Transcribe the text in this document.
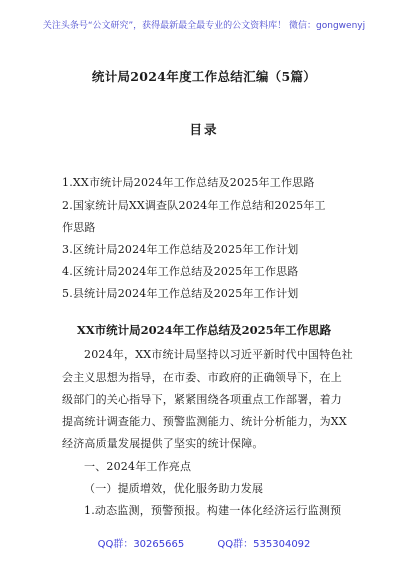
关注头条号“公文研究”，获得最新最全最专业的公文资料库！ 微信：gongwenyj
统计局2024年度工作总结汇编（5篇）
目录
1.XX市统计局2024年工作总结及2025年工作思路
2.国家统计局XX调查队2024年工作总结和2025年工
作思路
3.区统计局2024年工作总结及2025年工作计划
4.区统计局2024年工作总结及2025年工作思路
5.县统计局2024年工作总结及2025年工作计划
XX市统计局2024年工作总结及2025年工作思路
2024年，XX市统计局坚持以习近平新时代中国特色社
会主义思想为指导，在市委、市政府的正确领导下，在上
级部门的关心指导下，紧紧围绕各项重点工作部署，着力
提高统计调查能力、预警监测能力、统计分析能力，为XX
经济高质量发展提供了坚实的统计保障。
一、2024年工作亮点
（一）提质增效，优化服务助力发展
1.动态监测，预警预报。构建一体化经济运行监测预
QQ群：30265665	QQ群：535304092
